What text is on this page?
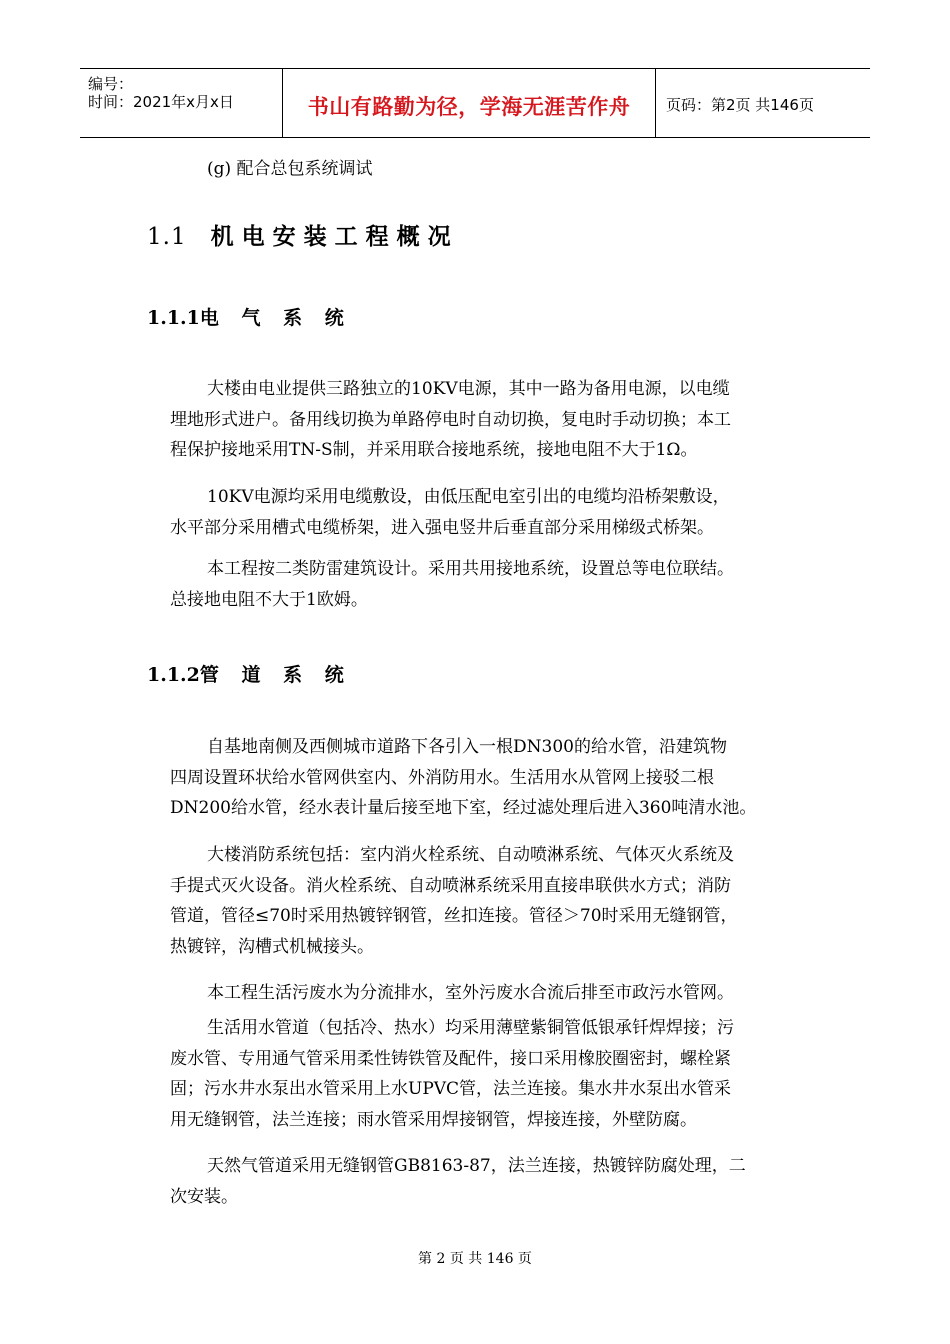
编号：
时间：2021年x月x日	书山有路勤为径，学海无涯苦作舟	页码：第2页 共146页
(g) 配合总包系统调试
1.1 机电安装工程概况
1.1.1电 气 系 统
大楼由电业提供三路独立的10KV电源，其中一路为备用电源，以电缆
埋地形式进户。备用线切换为单路停电时自动切换，复电时手动切换；本工
程保护接地采用TN-S制，并采用联合接地系统，接地电阻不大于1Ω。
10KV电源均采用电缆敷设，由低压配电室引出的电缆均沿桥架敷设，
水平部分采用槽式电缆桥架，进入强电竖井后垂直部分采用梯级式桥架。
本工程按二类防雷建筑设计。采用共用接地系统，设置总等电位联结。
总接地电阻不大于1欧姆。
1.1.2管 道 系 统
自基地南侧及西侧城市道路下各引入一根DN300的给水管，沿建筑物
四周设置环状给水管网供室内、外消防用水。生活用水从管网上接驳二根
DN200给水管，经水表计量后接至地下室，经过滤处理后进入360吨清水池。
大楼消防系统包括：室内消火栓系统、自动喷淋系统、气体灭火系统及
手提式灭火设备。消火栓系统、自动喷淋系统采用直接串联供水方式；消防
管道，管径≤70时采用热镀锌钢管，丝扣连接。管径＞70时采用无缝钢管，
热镀锌，沟槽式机械接头。
本工程生活污废水为分流排水，室外污废水合流后排至市政污水管网。
生活用水管道（包括冷、热水）均采用薄壁紫铜管低银承钎焊焊接；污
废水管、专用通气管采用柔性铸铁管及配件，接口采用橡胶圈密封，螺栓紧
固；污水井水泵出水管采用上水UPVC管，法兰连接。集水井水泵出水管采
用无缝钢管，法兰连接；雨水管采用焊接钢管，焊接连接，外壁防腐。
天然气管道采用无缝钢管GB8163-87，法兰连接，热镀锌防腐处理，二
次安装。
第 2 页 共 146 页
